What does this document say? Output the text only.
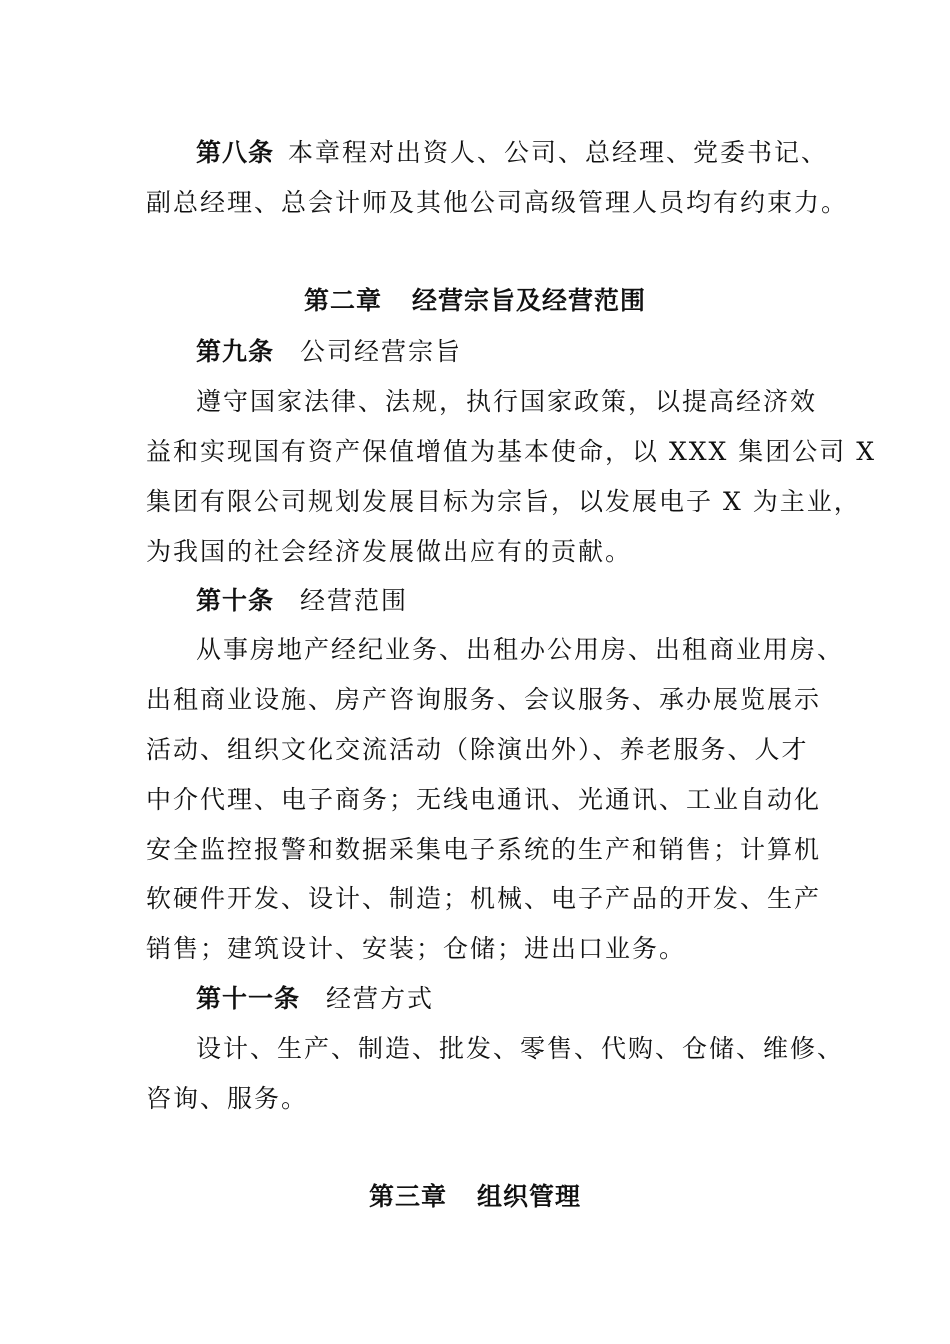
第八条 本章程对出资人、公司、总经理、党委书记、
副总经理、总会计师及其他公司高级管理人员均有约束力。
第二章 经营宗旨及经营范围
第九条 公司经营宗旨
遵守国家法律、法规，执行国家政策，以提高经济效
益和实现国有资产保值增值为基本使命，以 XXX 集团公司 X
集团有限公司规划发展目标为宗旨，以发展电子 X 为主业，
为我国的社会经济发展做出应有的贡献。
第十条 经营范围
从事房地产经纪业务、出租办公用房、出租商业用房、
出租商业设施、房产咨询服务、会议服务、承办展览展示
活动、组织文化交流活动（除演出外）、养老服务、人才
中介代理、电子商务；无线电通讯、光通讯、工业自动化
安全监控报警和数据采集电子系统的生产和销售；计算机
软硬件开发、设计、制造；机械、电子产品的开发、生产
销售；建筑设计、安装；仓储；进出口业务。
第十一条 经营方式
设计、生产、制造、批发、零售、代购、仓储、维修、
咨询、服务。
第三章 组织管理
